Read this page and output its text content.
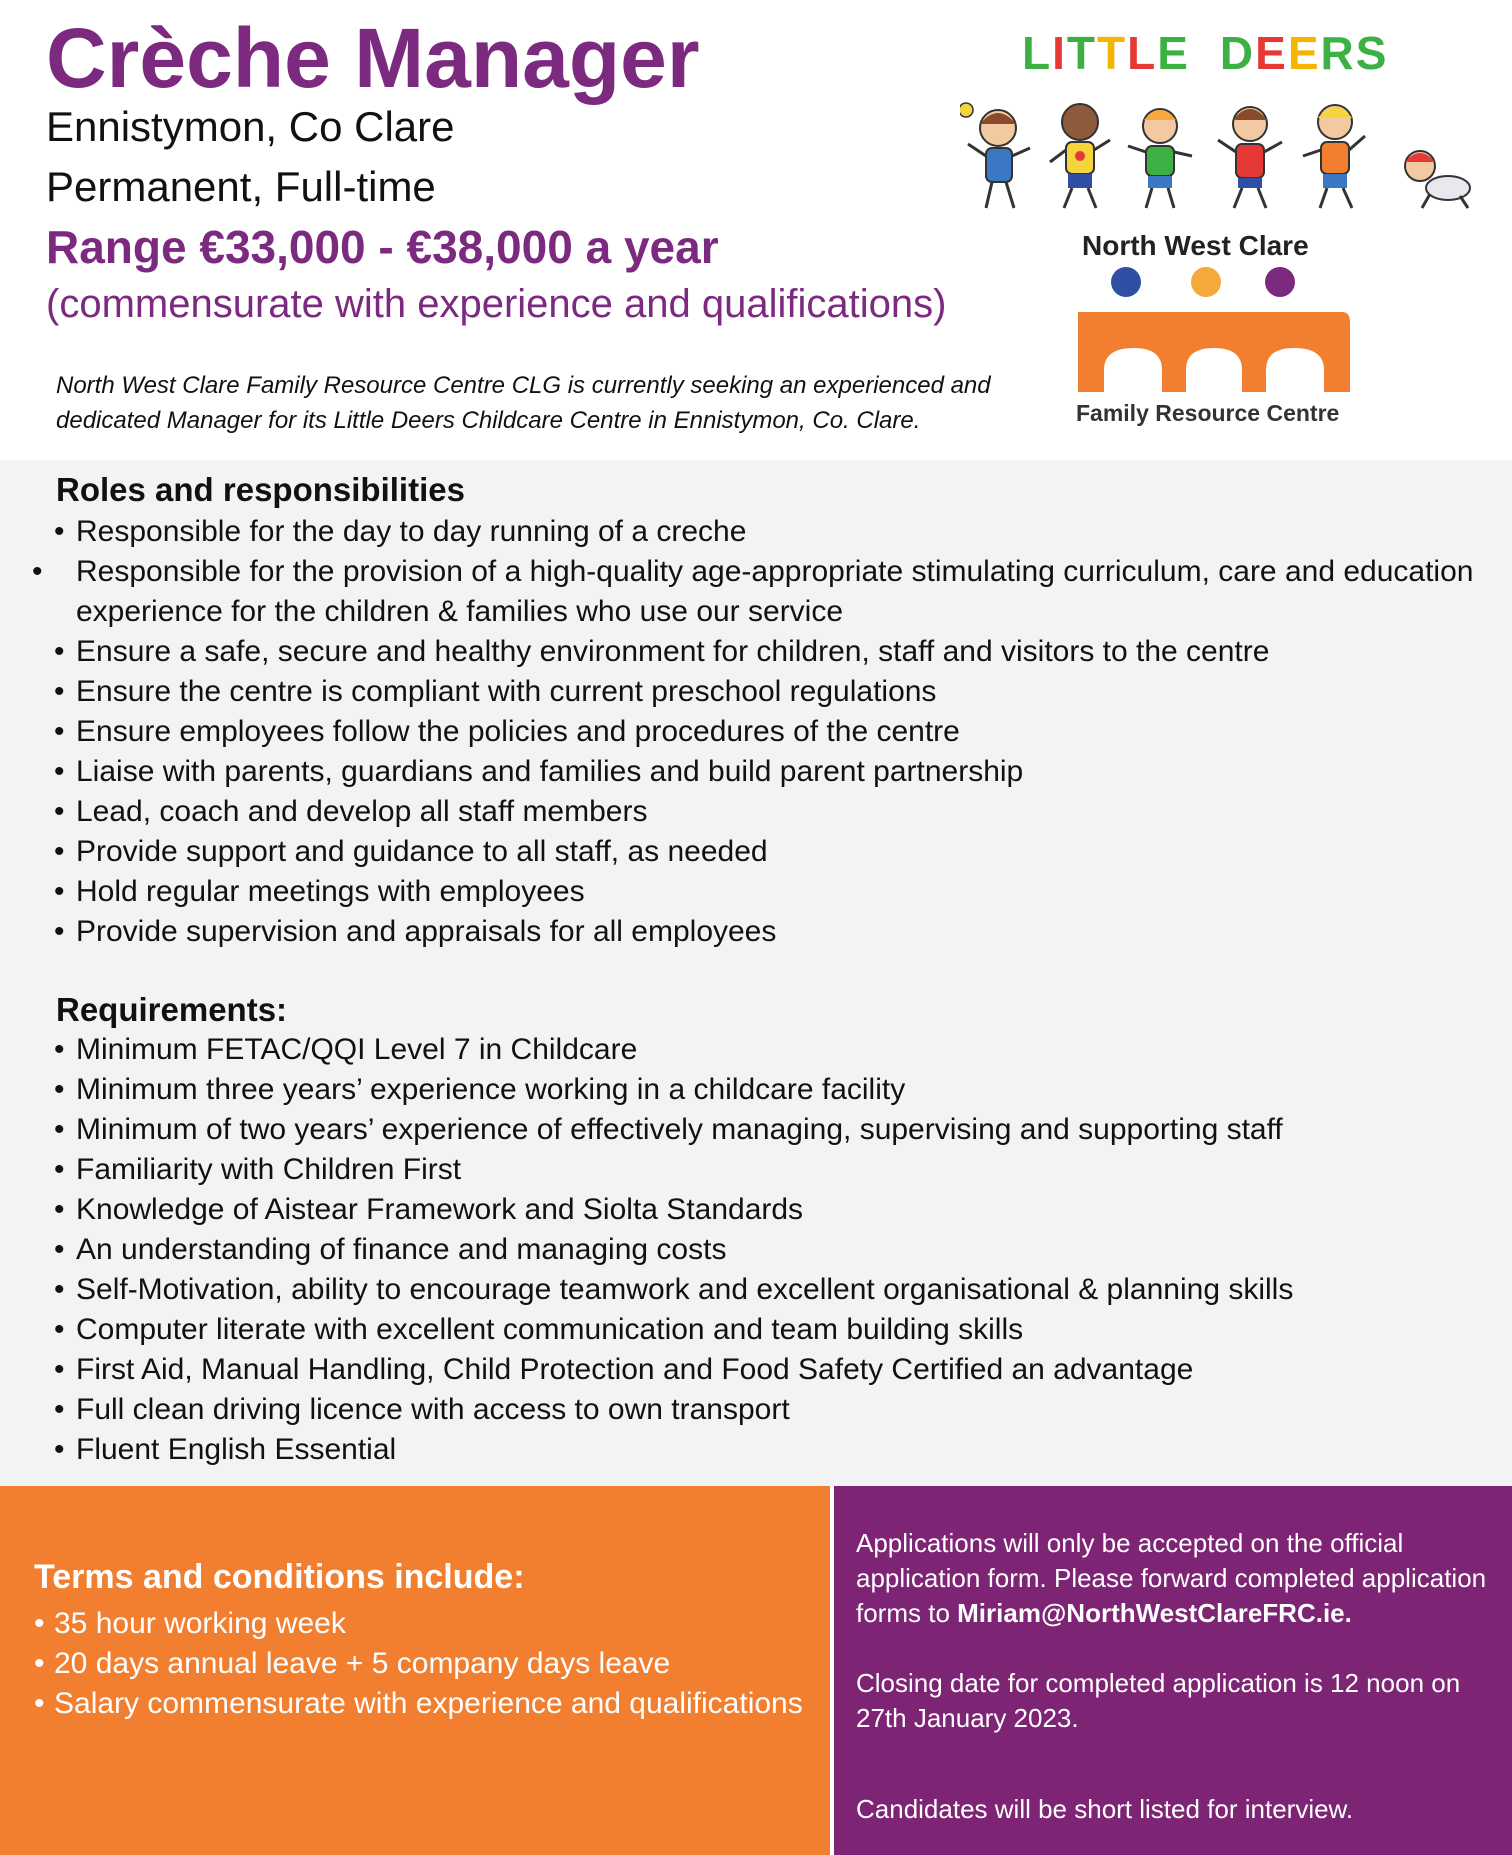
Crèche Manager
Ennistymon, Co Clare
Permanent, Full-time
Range €33,000 - €38,000 a year
(commensurate with experience and qualifications)
North West Clare Family Resource Centre CLG is currently seeking an experienced and
dedicated Manager for its Little Deers Childcare Centre in Ennistymon, Co. Clare.
LITTLE DEERS
North West Clare
Family Resource Centre
Roles and responsibilities
• Responsible for the day to day running of a creche
• Responsible for the provision of a high-quality age-appropriate stimulating curriculum, care and education experience for the children & families who use our service
• Ensure a safe, secure and healthy environment for children, staff and visitors to the centre
• Ensure the centre is compliant with current preschool regulations
• Ensure employees follow the policies and procedures of the centre
• Liaise with parents, guardians and families and build parent partnership
• Lead, coach and develop all staff members
• Provide support and guidance to all staff, as needed
• Hold regular meetings with employees
• Provide supervision and appraisals for all employees
Requirements:
• Minimum FETAC/QQI Level 7 in Childcare
• Minimum three years’ experience working in a childcare facility
• Minimum of two years’ experience of effectively managing, supervising and supporting staff
• Familiarity with Children First
• Knowledge of Aistear Framework and Siolta Standards
• An understanding of finance and managing costs
• Self-Motivation, ability to encourage teamwork and excellent organisational & planning skills
• Computer literate with excellent communication and team building skills
• First Aid, Manual Handling, Child Protection and Food Safety Certified an advantage
• Full clean driving licence with access to own transport
• Fluent English Essential
Terms and conditions include:
• 35 hour working week
• 20 days annual leave + 5 company days leave
• Salary commensurate with experience and qualifications

Applications will only be accepted on the official application form. Please forward completed application forms to Miriam@NorthWestClareFRC.ie.

Closing date for completed application is 12 noon on 27th January 2023.

Candidates will be short listed for interview.
